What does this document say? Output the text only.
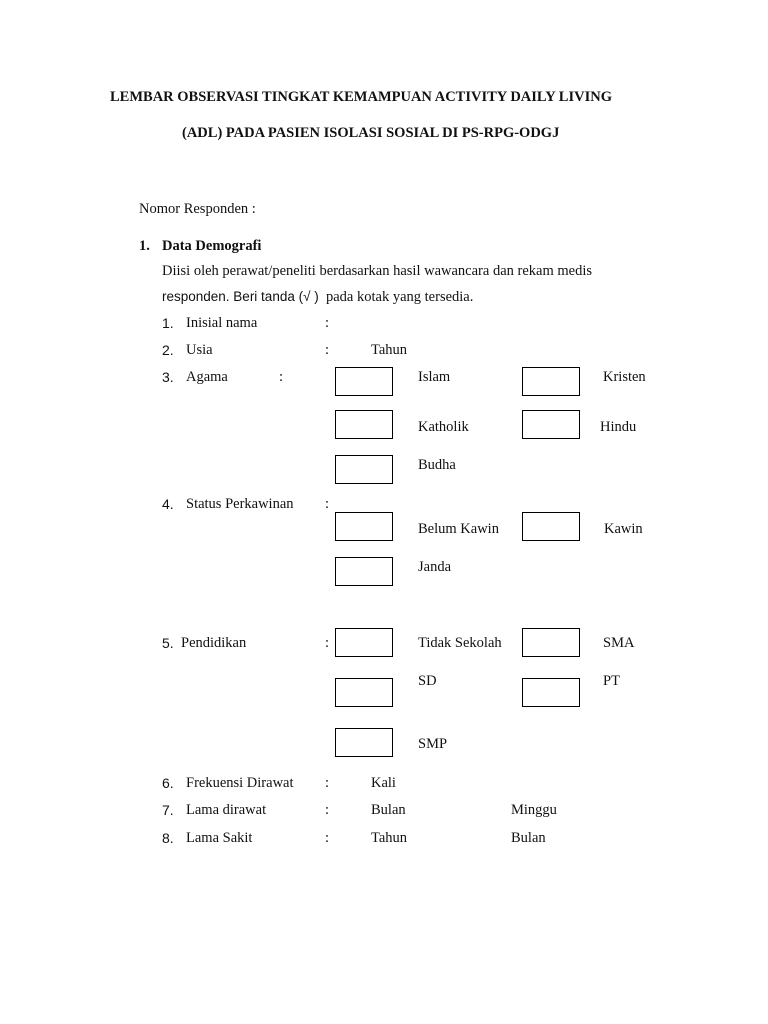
LEMBAR OBSERVASI TINGKAT KEMAMPUAN ACTIVITY DAILY LIVING
(ADL) PADA PASIEN ISOLASI SOSIAL DI PS-RPG-ODGJ
Nomor Responden :
1. Data Demografi
Diisi oleh perawat/peneliti berdasarkan hasil wawancara dan rekam medis
responden. Beri tanda (√ ) pada kotak yang tersedia.
1. Inisial nama	:
2. Usia	:	Tahun
3. Agama	:	Islam	Kristen
Katholik	Hindu
Budha
4. Status Perkawinan :
Belum Kawin	Kawin
Janda
5. Pendidikan	:	Tidak Sekolah	SMA
SD	PT
SMP
6. Frekuensi Dirawat :	Kali
7. Lama dirawat	:	Bulan	Minggu
8. Lama Sakit	:	Tahun	Bulan
